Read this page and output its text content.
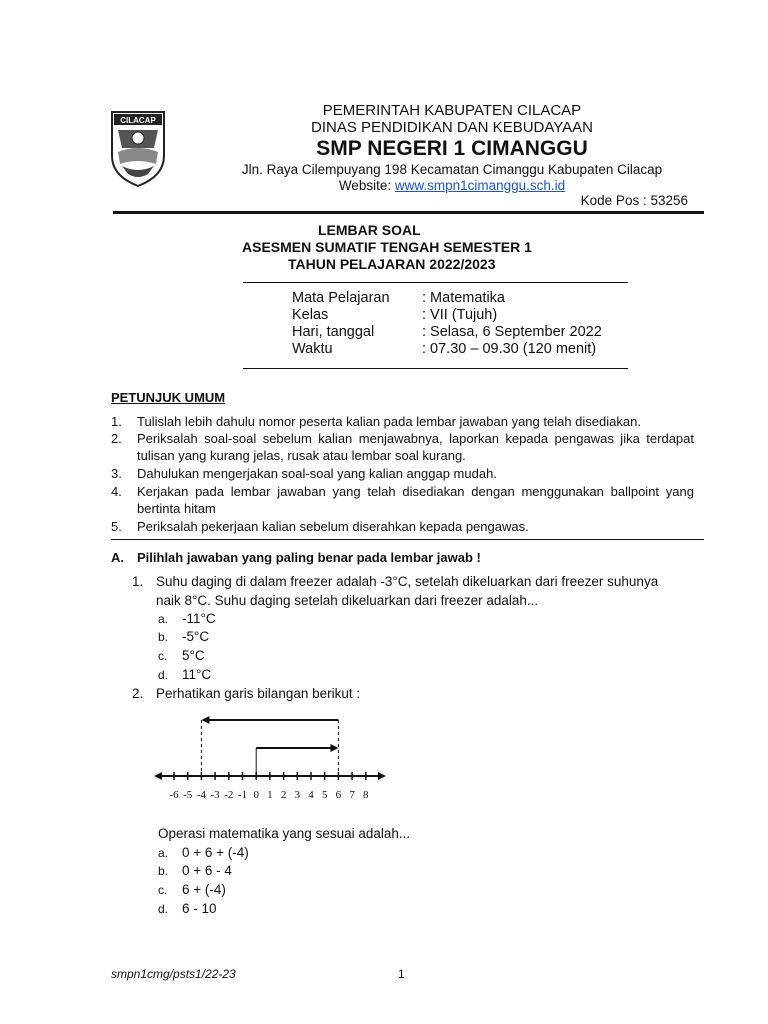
CILACAP
PEMERINTAH KABUPATEN CILACAP
DINAS PENDIDIKAN DAN KEBUDAYAAN
SMP NEGERI 1 CIMANGGU
Jln. Raya Cilempuyang 198 Kecamatan Cimanggu Kabupaten Cilacap
Website: www.smpn1cimanggu.sch.id
Kode Pos : 53256
LEMBAR SOAL
ASESMEN SUMATIF TENGAH SEMESTER 1
TAHUN PELAJARAN 2022/2023
Mata Pelajaran	: Matematika
Kelas	: VII (Tujuh)
Hari, tanggal	: Selasa, 6 September 2022
Waktu	: 07.30 – 09.30 (120 menit)
PETUNJUK UMUM
1. Tulislah lebih dahulu nomor peserta kalian pada lembar jawaban yang telah disediakan.
2. Periksalah soal-soal sebelum kalian menjawabnya, laporkan kepada pengawas jika terdapat tulisan yang kurang jelas, rusak atau lembar soal kurang.
3. Dahulukan mengerjakan soal-soal yang kalian anggap mudah.
4. Kerjakan pada lembar jawaban yang telah disediakan dengan menggunakan ballpoint yang bertinta hitam
5. Periksalah pekerjaan kalian sebelum diserahkan kepada pengawas.
A. Pilihlah jawaban yang paling benar pada lembar jawab !
1. Suhu daging di dalam freezer adalah -3°C, setelah dikeluarkan dari freezer suhunya
naik 8°C. Suhu daging setelah dikeluarkan dari freezer adalah...
a. -11°C
b. -5°C
c. 5°C
d. 11°C
2. Perhatikan garis bilangan berikut :
-6 -5 -4 -3 -2 -1 0 1 2 3 4 5 6 7 8
Operasi matematika yang sesuai adalah...
a. 0 + 6 + (-4)
b. 0 + 6 - 4
c. 6 + (-4)
d. 6 - 10
smpn1cmg/psts1/22-23	1
